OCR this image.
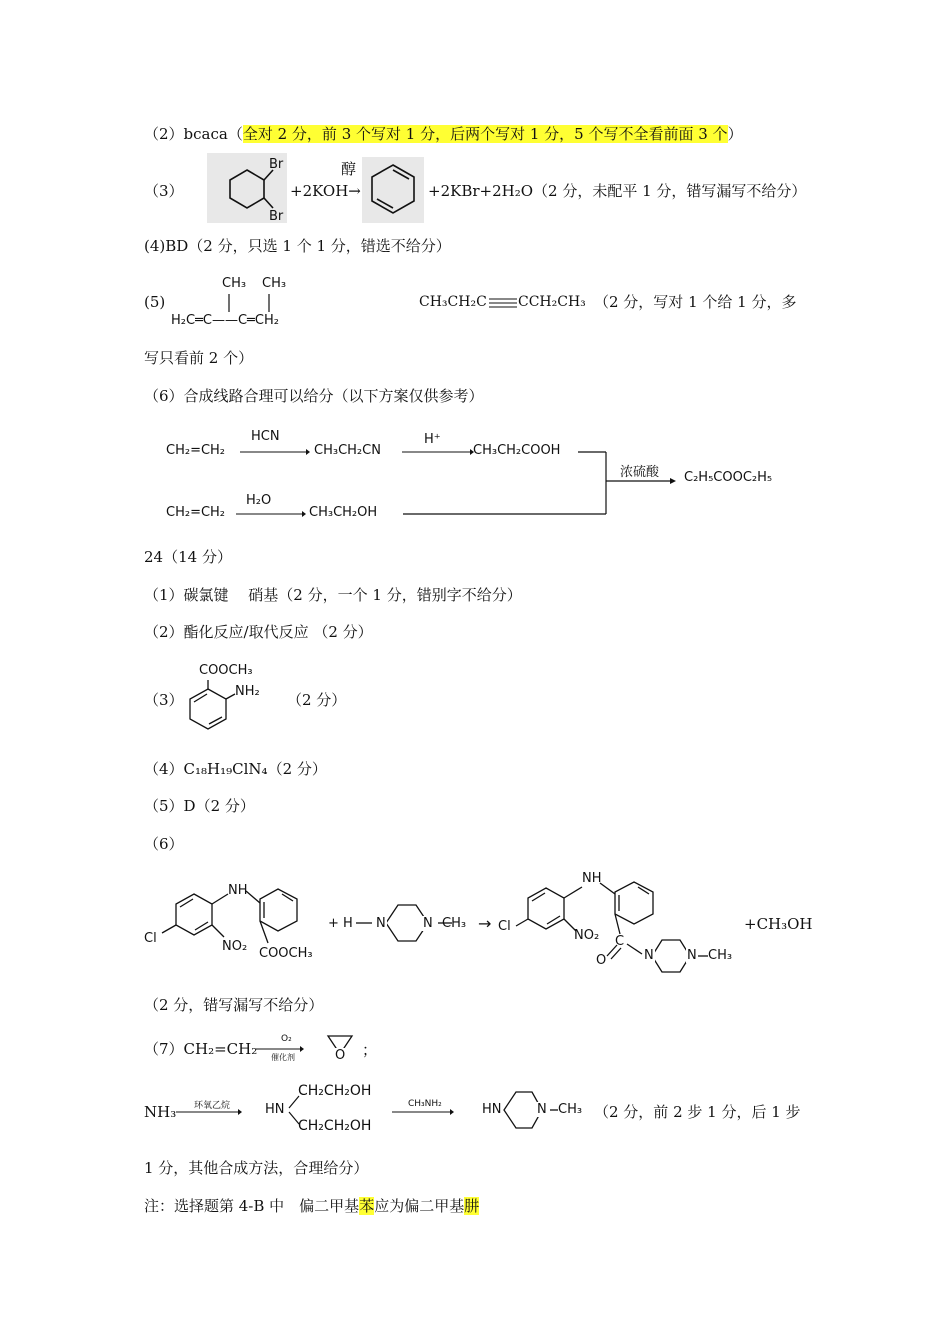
（2）bcaca（全对 2 分，前 3 个写对 1 分，后两个写对 1 分，5 个写不全看前面 3 个）
（3）
Br
Br
+2KOH→
醇
+2KBr+2H₂O（2 分，未配平 1 分，错写漏写不给分）
(4)BD（2 分，只选 1 个 1 分，错选不给分）
(5)
CH₃ CH₃
H₂C═C——C═CH₂
CH₃CH₂C CCH₂CH₃ （2 分，写对 1 个给 1 分，多
写只看前 2 个）
（6）合成线路合理可以给分（以下方案仅供参考）
CH₂=CH₂
HCN
CH₃CH₂CN
H⁺
CH₃CH₂COOH
CH₂=CH₂
H₂O
CH₃CH₂OH
浓硫酸 C₂H₅COOC₂H₅
24（14 分）
（1）碳氯键　 硝基（2 分，一个 1 分，错别字不给分）
（2）酯化反应/取代反应 （2 分）
（3）
COOCH₃
NH₂ （2 分）
（4）C₁₈H₁₉ClN₄（2 分）
（5）D（2 分）
（6）
NH
Cl
NO₂ COOCH₃
+ H N	N CH₃ →
NH
Cl
NO₂ C
O	N	N CH₃
+CH₃OH
（2 分，错写漏写不给分）
（7）CH₂=CH₂
O₂
催化剂	O ；
NH₃ 环氧乙烷	HN
CH₂CH₂OH
CH₂CH₂OH
CH₃NH₂	HN	N CH₃ （2 分，前 2 步 1 分，后 1 步
1 分，其他合成方法，合理给分）
注：选择题第 4-B 中　偏二甲基苯应为偏二甲基肼
